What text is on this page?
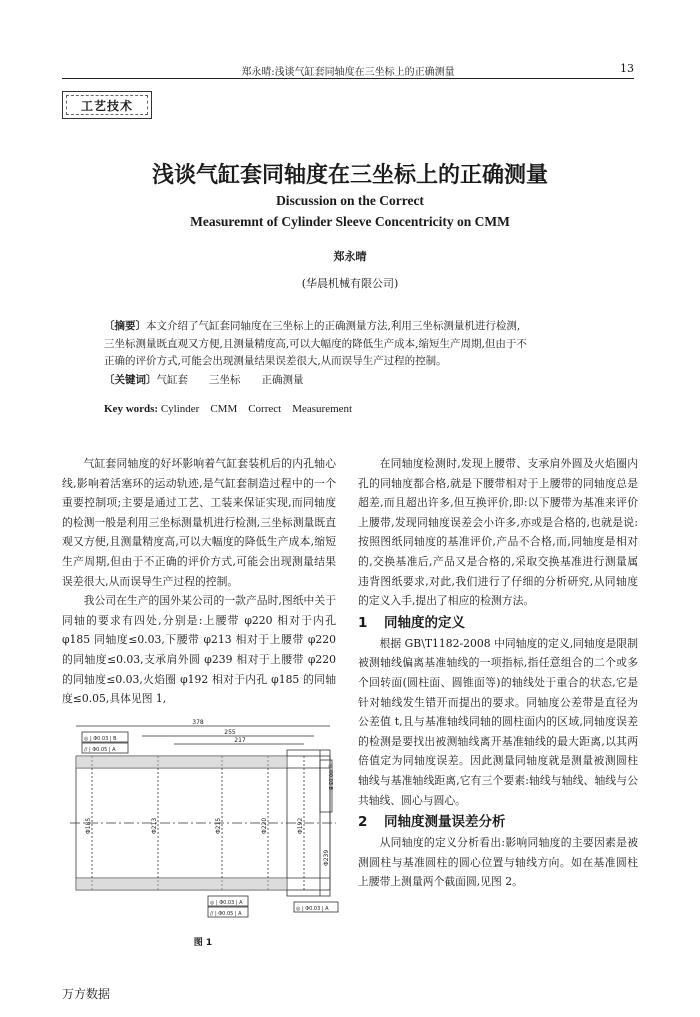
郑永晴:浅谈气缸套同轴度在三坐标上的正确测量	13
工艺技术
浅谈气缸套同轴度在三坐标上的正确测量
Discussion on the Correct
Measuremnt of Cylinder Sleeve Concentricity on CMM
郑永晴
(华晨机械有限公司)

〔摘要〕本文介绍了气缸套同轴度在三坐标上的正确测量方法,利用三坐标测量机进行检测,

三坐标测量既直观又方便,且测量精度高,可以大幅度的降低生产成本,缩短生产周期,但由于不

正确的评价方式,可能会出现测量结果误差很大,从而误导生产过程的控制。

〔关键词〕气缸套　　三坐标　　正确测量
Key words: Cylinder　CMM　Correct　Measurement

气缸套同轴度的好坏影响着气缸套装机后的内孔轴心线,影响着活塞环的运动轨迹,是气缸套制造过程中的一个重要控制项;主要是通过工艺、工装来保证实现,而同轴度的检测一般是利用三坐标测量机进行检测,三坐标测量既直观又方便,且测量精度高,可以大幅度的降低生产成本,缩短生产周期,但由于不正确的评价方式,可能会出现测量结果误差很大,从而误导生产过程的控制。

我公司在生产的国外某公司的一款产品时,图纸中关于同轴的要求有四处,分别是:上腰带 φ220 相对于内孔 φ185 同轴度≤0.03,下腰带 φ213 相对于上腰带 φ220 的同轴度≤0.03,支承肩外圆 φ239 相对于上腰带 φ220 的同轴度≤0.03,火焰圈 φ192 相对于内孔 φ185 的同轴度≤0.05,具体见图 1,

在同轴度检测时,发现上腰带、支承肩外圆及火焰圈内孔的同轴度都合格,就是下腰带相对于上腰带的同轴度总是超差,而且超出许多,但互换评价,即:以下腰带为基准来评价上腰带,发现同轴度误差会小许多,亦或是合格的,也就是说:按照图纸同轴度的基准评价,产品不合格,而,同轴度是相对的,交换基准后,产品又是合格的,采取交换基准进行测量属违背图纸要求,对此,我们进行了仔细的分析研究,从同轴度的定义入手,提出了相应的检测方法。

1 同轴度的定义

根据 GB\T1182-2008 中同轴度的定义,同轴度是限制被测轴线偏离基准轴线的一项指标,指任意组合的二个或多个回转面(圆柱面、圆锥面等)的轴线处于重合的状态,它是针对轴线发生错开而提出的要求。同轴度公差带是直径为公差值 t,且与基准轴线同轴的圆柱面内的区域,同轴度误差的检测是要找出被测轴线离开基准轴线的最大距离,以其两倍值定为同轴度误差。因此测量同轴度就是测量被测圆柱轴线与基准轴线距离,它有三个要素:轴线与轴线、轴线与公共轴线、圆心与圆心。

2 同轴度测量误差分析

从同轴度的定义分析看出:影响同轴度的主要因素是被测圆柱与基准圆柱的圆心位置与轴线方向。如在基准圆柱上腰带上测量两个截面圆,见图 2。

378
255
217
◎ | Φ0.03 | B
// | Φ0.05 | A
◎ | Φ0.03 | A
// | Φ0.05 | A
◎ | Φ0.03 | A
◎ Φ0.03 B
Φ185	Φ213	Φ215	Φ220	Φ192
Φ239
图 1
万方数据
